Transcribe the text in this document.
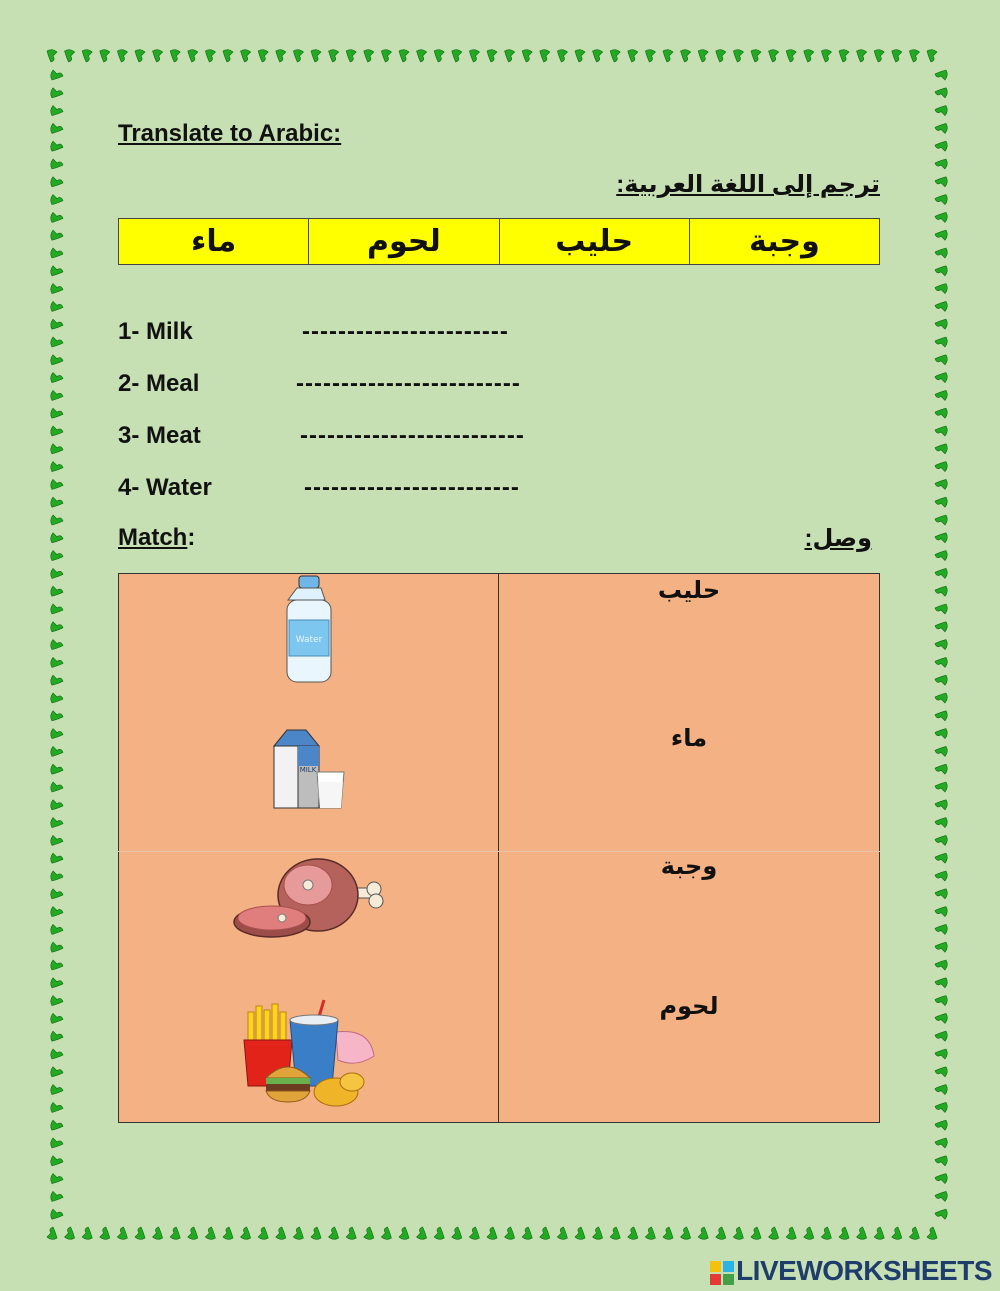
Translate to Arabic:
ترجم إلى اللغة العربية:
ماء	لحوم	حليب	وجبة
1- Milk	-----------------------
2- Meal	-------------------------
3- Meat	-------------------------
4- Water	------------------------
Match:	وصل:
Water
MILK
حليب
ماء
وجبة
لحوم
LIVEWORKSHEETS
